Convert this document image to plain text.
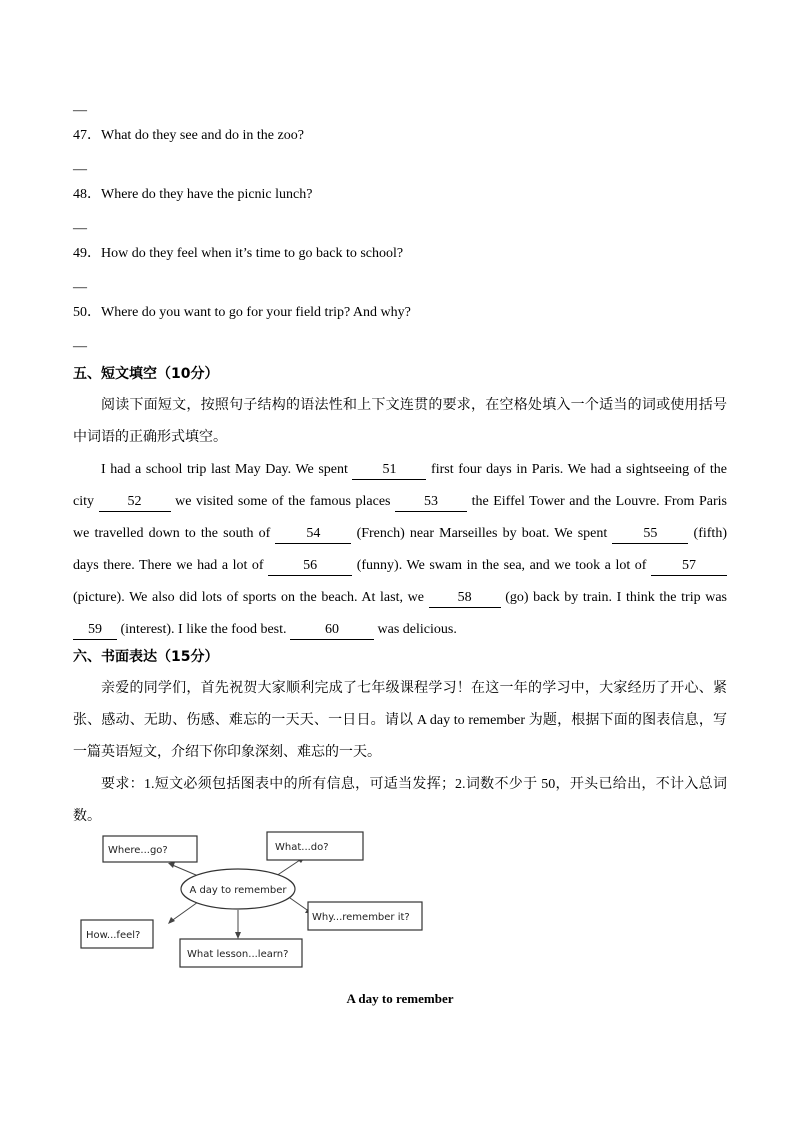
—
47．What do they see and do in the zoo?
—
48．Where do they have the picnic lunch?
—
49．How do they feel when it’s time to go back to school?
—
50．Where do you want to go for your field trip? And why?
—
五、短文填空（10分）

阅读下面短文，按照句子结构的语法性和上下文连贯的要求，在空格处填入一个适当的词或使用括号中词语的正确形式填空。

I had a school trip last May Day. We spent 51 first four days in Paris. We had a sightseeing of the city 52 we visited some of the famous places 53 the Eiffel Tower and the Louvre. From Paris we travelled down to the south of 54 (French) near Marseilles by boat. We spent 55 (fifth) days there. There we had a lot of	56	(funny). We swam in the sea, and we took a lot of 57 (picture). We also did lots of sports on the beach. At last, we 58 (go) back by train. I think the trip was 59 (interest). I like the food best.	60	was delicious.

六、书面表达（15分）

亲爱的同学们，首先祝贺大家顺利完成了七年级课程学习！在这一年的学习中，大家经历了开心、紧张、感动、无助、伤感、难忘的一天天、一日日。请以 A day to remember 为题，根据下面的图表信息，写一篇英语短文，介绍下你印象深刻、难忘的一天。

要求：1.短文必须包括图表中的所有信息，可适当发挥；2.词数不少于 50，开头已给出，不计入总词数。

A day to remember
Where...go?	What...do?
Why...remember it?
How...feel?
What lesson...learn?
A day to remember
